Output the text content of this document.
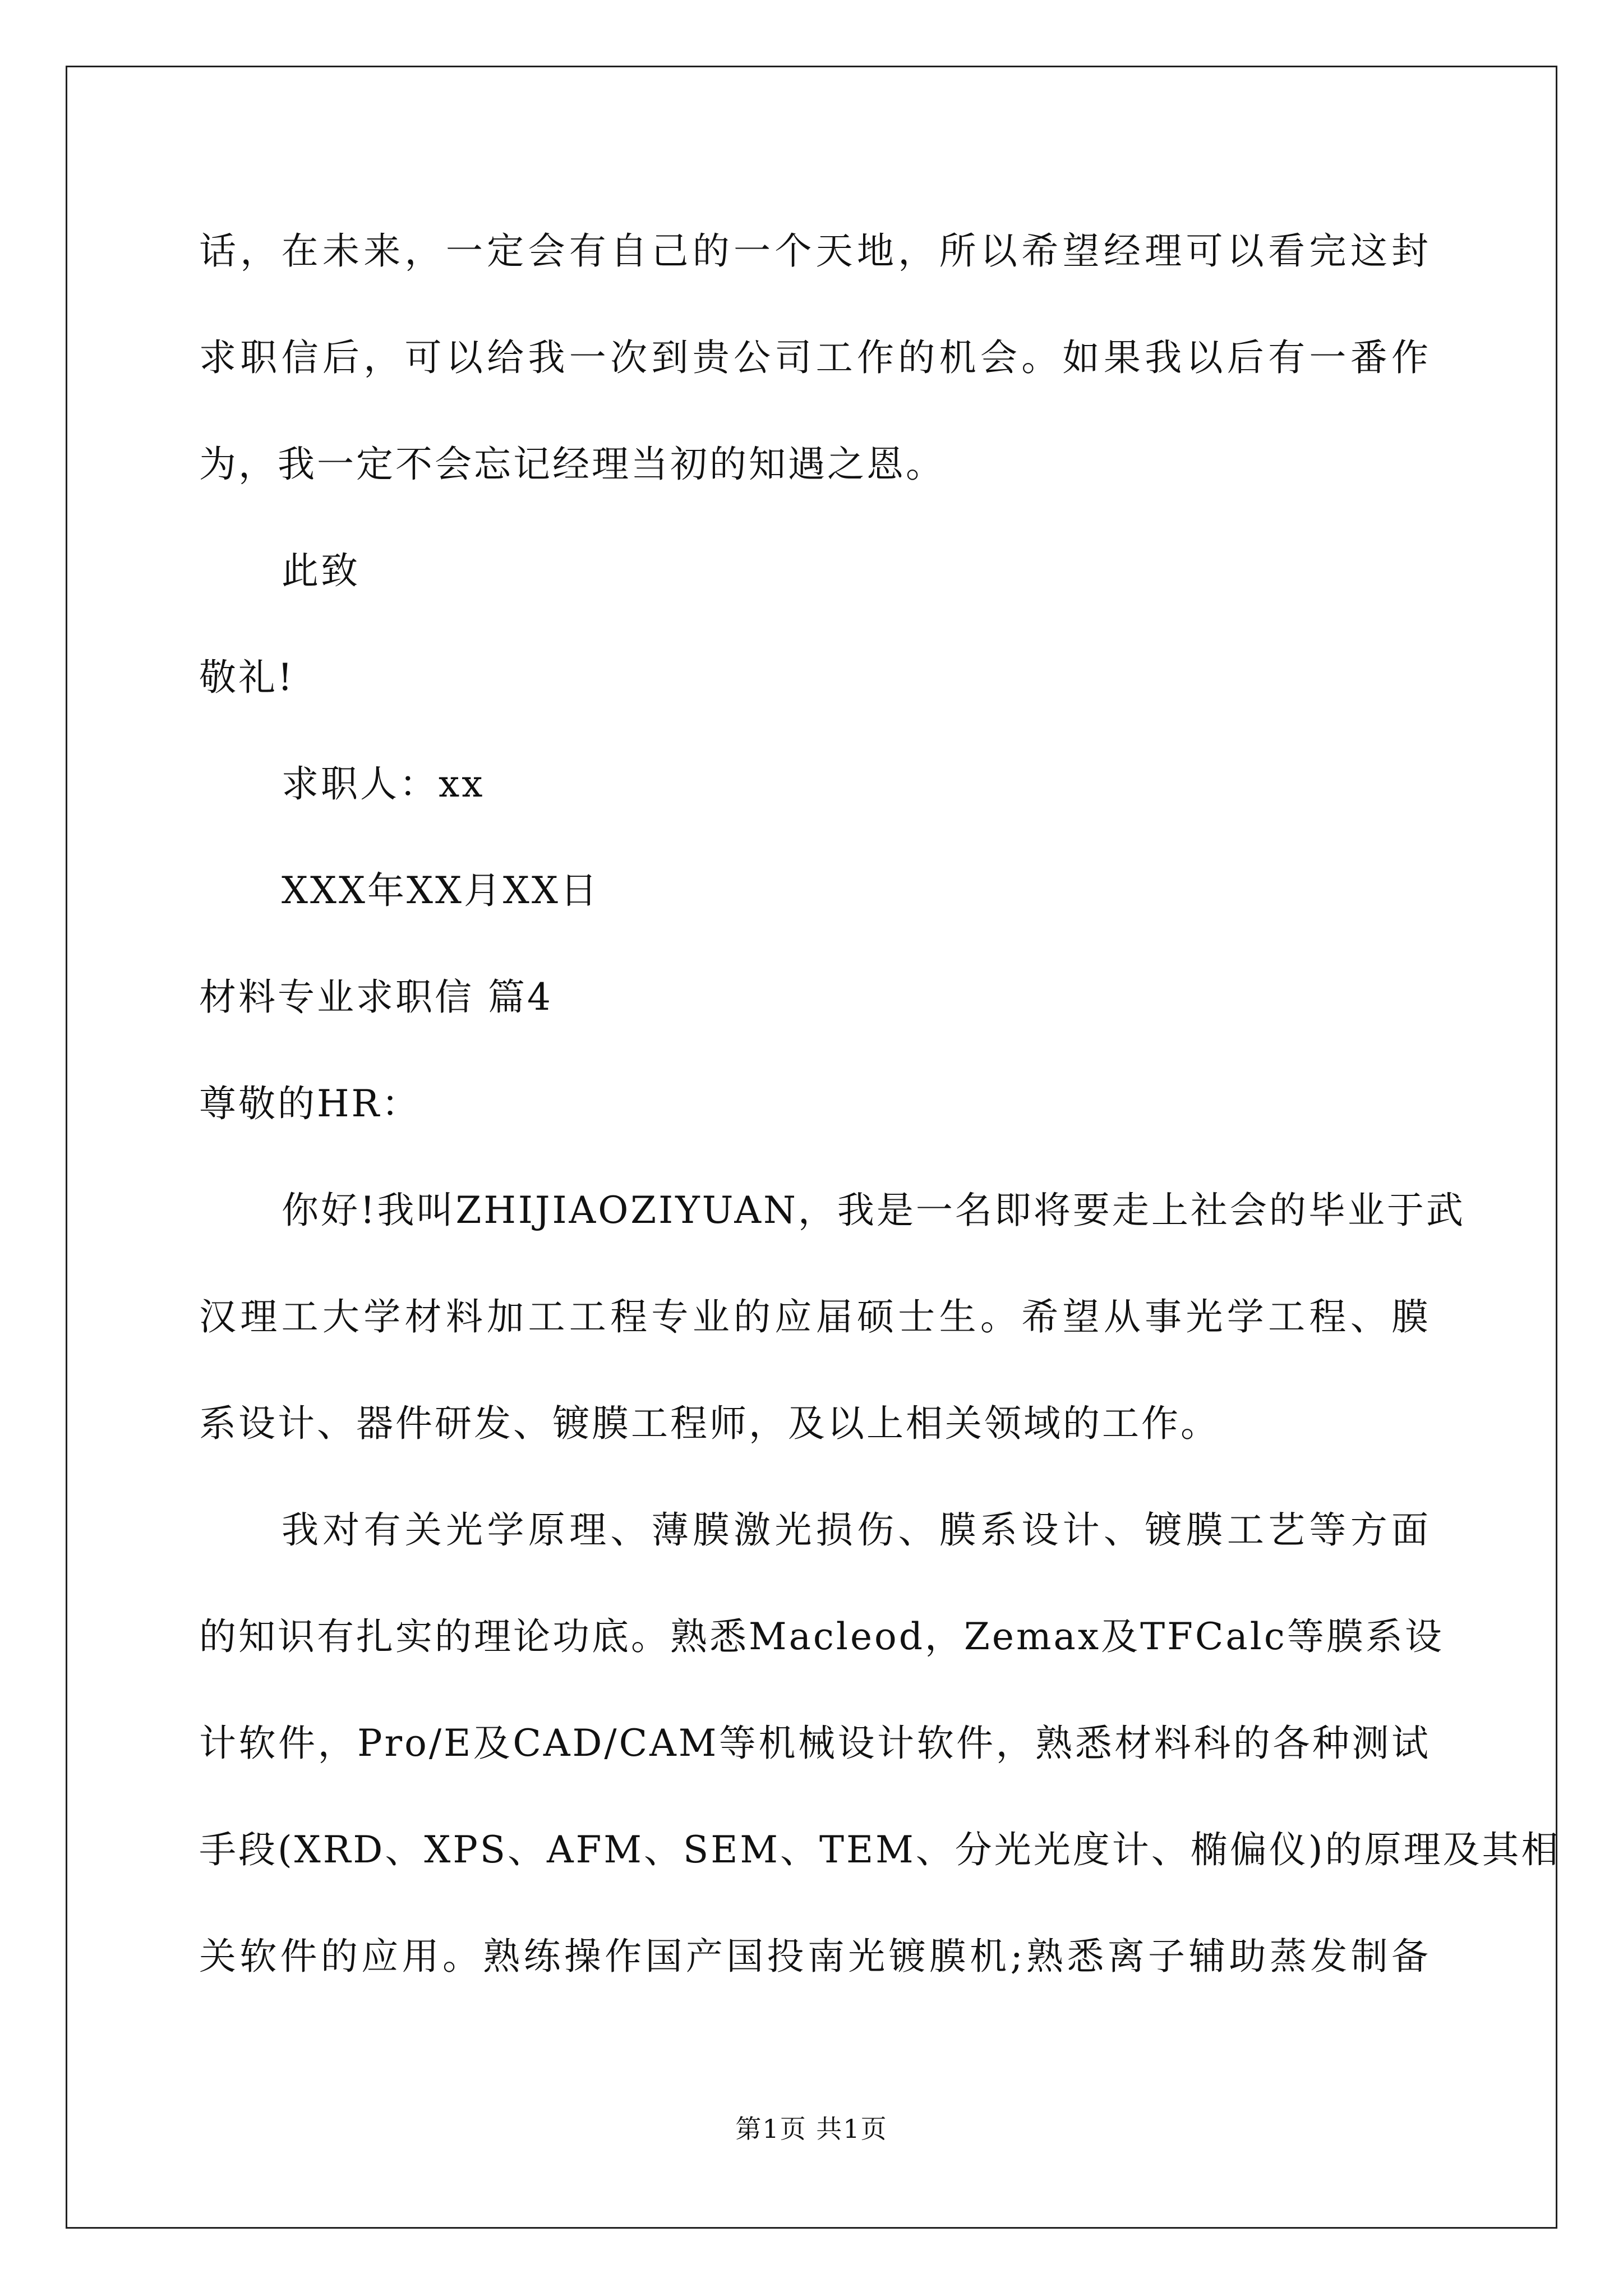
话，在未来，一定会有自己的一个天地，所以希望经理可以看完这封
求职信后，可以给我一次到贵公司工作的机会。如果我以后有一番作
为，我一定不会忘记经理当初的知遇之恩。
此致
敬礼!
求职人：xx
XXX年XX月XX日
材料专业求职信 篇4
尊敬的HR：
你好!我叫ZHIJIAOZIYUAN，我是一名即将要走上社会的毕业于武
汉理工大学材料加工工程专业的应届硕士生。希望从事光学工程、膜
系设计、器件研发、镀膜工程师，及以上相关领域的工作。
我对有关光学原理、薄膜激光损伤、膜系设计、镀膜工艺等方面
的知识有扎实的理论功底。熟悉Macleod，Zemax及TFCalc等膜系设
计软件，Pro/E及CAD/CAM等机械设计软件，熟悉材料科的各种测试
手段(XRD、XPS、AFM、SEM、TEM、分光光度计、椭偏仪)的原理及其相
关软件的应用。熟练操作国产国投南光镀膜机;熟悉离子辅助蒸发制备
第1页 共1页
